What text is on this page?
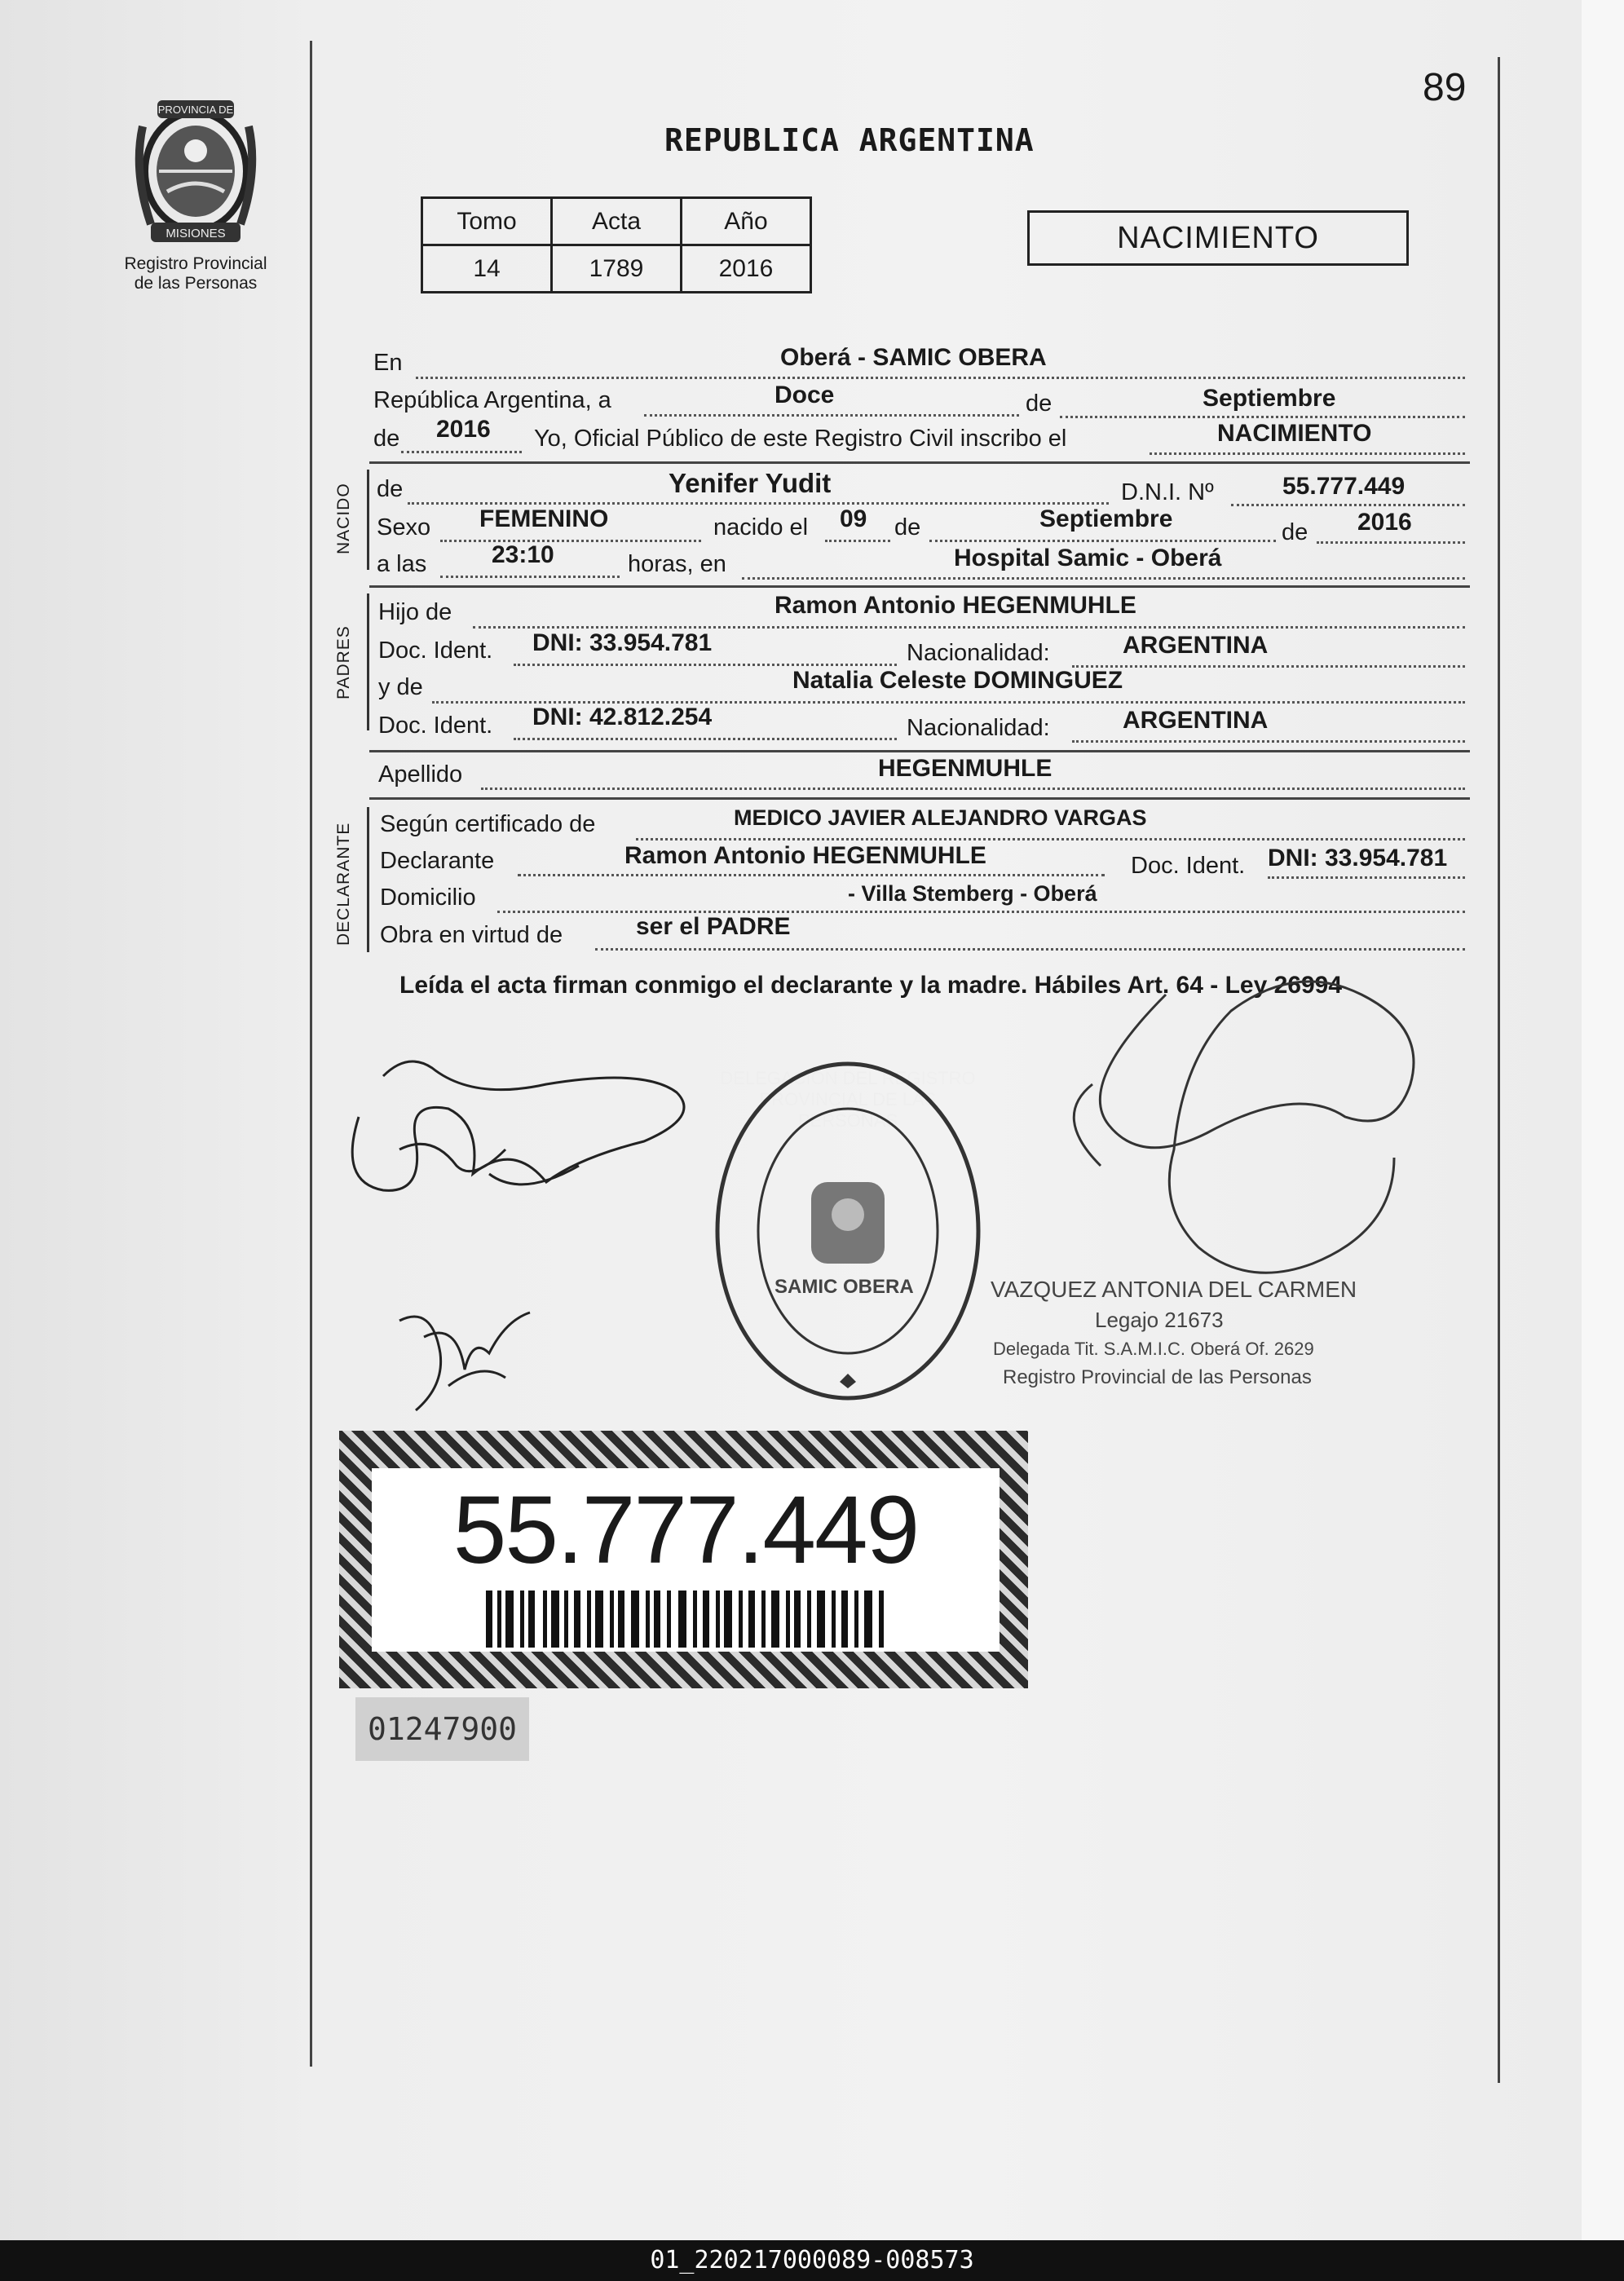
89
PROVINCIA DE
MISIONES
Registro Provincial
de las Personas
REPUBLICA ARGENTINA
Tomo	Acta	Año
14	1789	2016
NACIMIENTO
En	Oberá - SAMIC OBERA
República Argentina, a	Doce	de	Septiembre
de 2016 Yo, Oficial Público de este Registro Civil inscribo el	NACIMIENTO
NACIDO de	Yenifer Yudit	D.N.I. Nº	55.777.449
Sexo FEMENINO	nacido el 09 de	Septiembre	de 2016
a las	23:10	horas, en	Hospital Samic - Oberá
PADRES
Hijo de	Ramon Antonio HEGENMUHLE
Doc. Ident. DNI: 33.954.781	Nacionalidad:	ARGENTINA
y de	Natalia Celeste DOMINGUEZ
Doc. Ident. DNI: 42.812.254	Nacionalidad:	ARGENTINA
Apellido	HEGENMUHLE
DECLARANTE Según certificado de	MEDICO JAVIER ALEJANDRO VARGAS
Declarante	Ramon Antonio HEGENMUHLE	Doc. Ident. DNI: 33.954.781
Domicilio	- Villa Stemberg - Oberá
Obra en virtud de	ser el PADRE
Leída el acta firman conmigo el declarante y la madre. Hábiles Art. 64 - Ley 26994
SAMIC OBERA	VAZQUEZ ANTONIA DEL CARMEN
Legajo 21673
Delegada Tit. S.A.M.I.C. Oberá Of. 2629
Registro Provincial de las Personas
55.777.449
01247900
01_220217000089-008573
